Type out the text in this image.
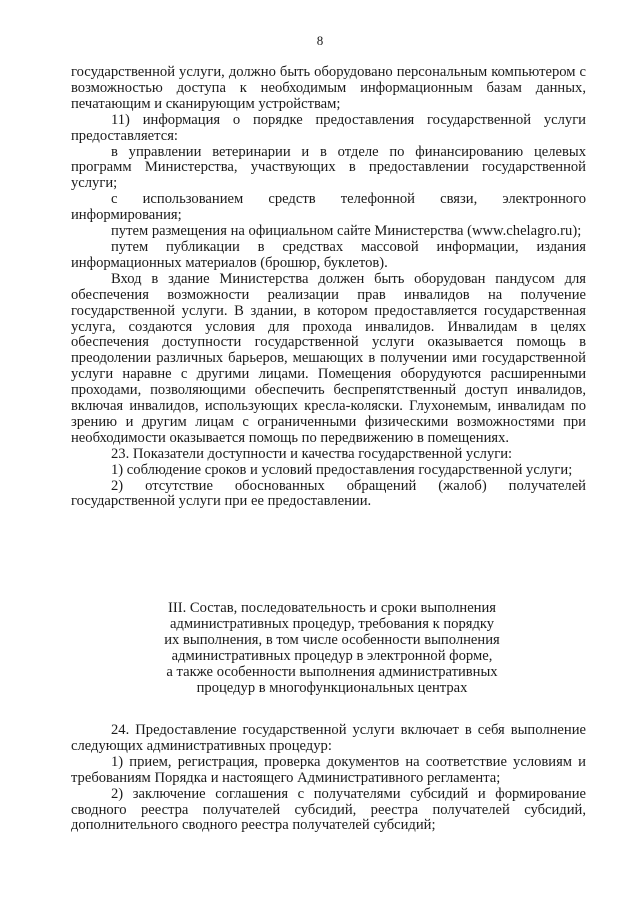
8

государственной услуги, должно быть оборудовано персональным компьютером с возможностью доступа к необходимым информационным базам данных, печатающим и сканирующим устройствам;

11) информация о порядке предоставления государственной услуги предоставляется:

в управлении ветеринарии и в отделе по финансированию целевых программ Министерства, участвующих в предоставлении государственной услуги;

с использованием средств телефонной связи, электронного информирования;

путем размещения на официальном сайте Министерства (www.chelagro.ru);

путем публикации в средствах массовой информации, издания информационных материалов (брошюр, буклетов).

Вход в здание Министерства должен быть оборудован пандусом для обеспечения возможности реализации прав инвалидов на получение государственной услуги. В здании, в котором предоставляется государственная услуга, создаются условия для прохода инвалидов. Инвалидам в целях обеспечения доступности государственной услуги оказывается помощь в преодолении различных барьеров, мешающих в получении ими государственной услуги наравне с другими лицами. Помещения оборудуются расширенными проходами, позволяющими обеспечить беспрепятственный доступ инвалидов, включая инвалидов, использующих кресла-коляски. Глухонемым, инвалидам по зрению и другим лицам с ограниченными физическими возможностями при необходимости оказывается помощь по передвижению в помещениях.

23. Показатели доступности и качества государственной услуги:

1) соблюдение сроков и условий предоставления государственной услуги;

2) отсутствие обоснованных обращений (жалоб) получателей государственной услуги при ее предоставлении.

III. Состав, последовательность и сроки выполнения
административных процедур, требования к порядку
их выполнения, в том числе особенности выполнения
административных процедур в электронной форме,
а также особенности выполнения административных
процедур в многофункциональных центрах

24. Предоставление государственной услуги включает в себя выполнение следующих административных процедур:

1) прием, регистрация, проверка документов на соответствие условиям и требованиям Порядка и настоящего Административного регламента;

2) заключение соглашения с получателями субсидий и формирование сводного реестра получателей субсидий, реестра получателей субсидий, дополнительного сводного реестра получателей субсидий;
